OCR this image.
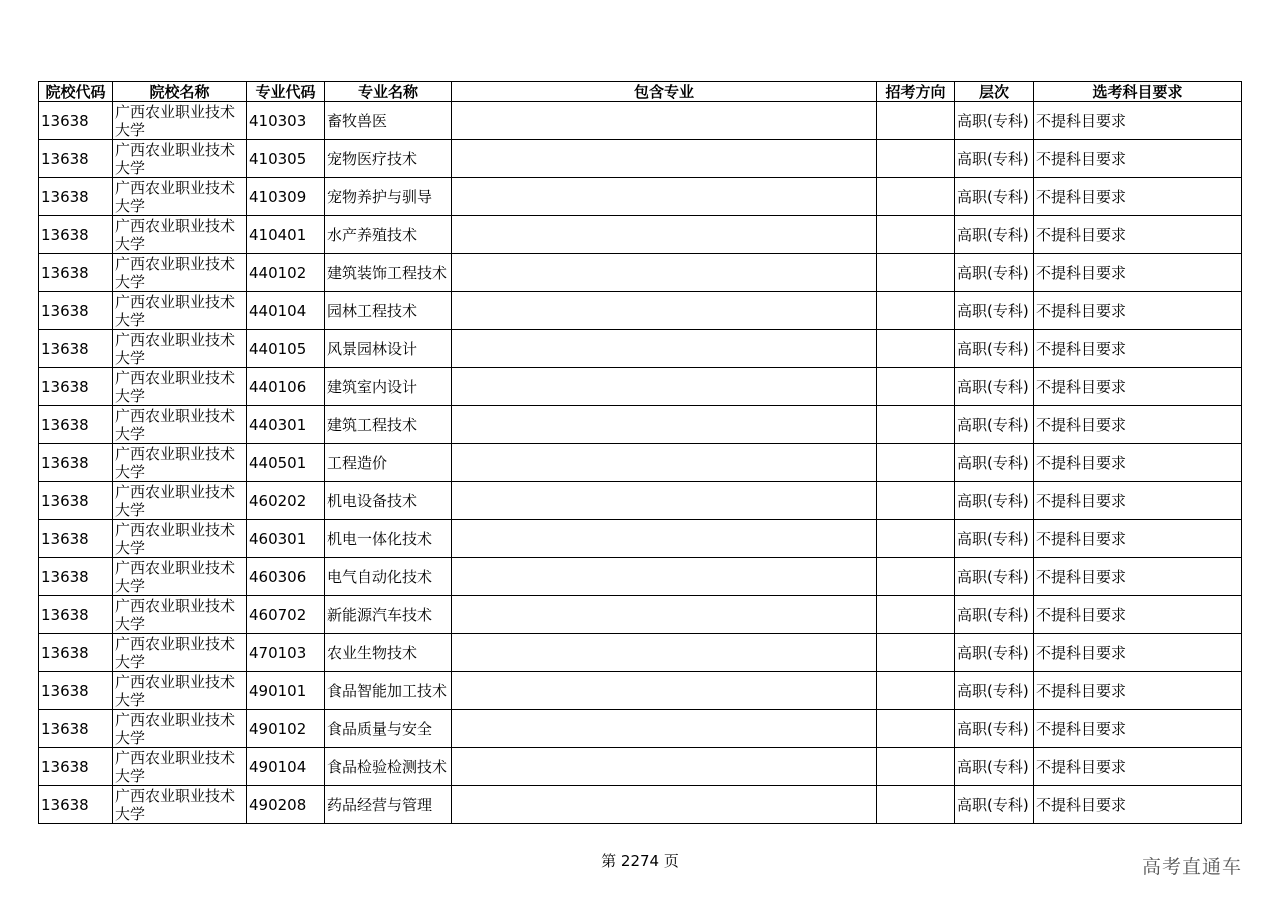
院校代码	院校名称	专业代码	专业名称	包含专业	招考方向	层次	选考科目要求
13638	广西农业职业技术大学	410303	畜牧兽医			高职(专科)	不提科目要求
13638	广西农业职业技术大学	410305	宠物医疗技术			高职(专科)	不提科目要求
13638	广西农业职业技术大学	410309	宠物养护与驯导			高职(专科)	不提科目要求
13638	广西农业职业技术大学	410401	水产养殖技术			高职(专科)	不提科目要求
13638	广西农业职业技术大学	440102	建筑装饰工程技术			高职(专科)	不提科目要求
13638	广西农业职业技术大学	440104	园林工程技术			高职(专科)	不提科目要求
13638	广西农业职业技术大学	440105	风景园林设计			高职(专科)	不提科目要求
13638	广西农业职业技术大学	440106	建筑室内设计			高职(专科)	不提科目要求
13638	广西农业职业技术大学	440301	建筑工程技术			高职(专科)	不提科目要求
13638	广西农业职业技术大学	440501	工程造价			高职(专科)	不提科目要求
13638	广西农业职业技术大学	460202	机电设备技术			高职(专科)	不提科目要求
13638	广西农业职业技术大学	460301	机电一体化技术			高职(专科)	不提科目要求
13638	广西农业职业技术大学	460306	电气自动化技术			高职(专科)	不提科目要求
13638	广西农业职业技术大学	460702	新能源汽车技术			高职(专科)	不提科目要求
13638	广西农业职业技术大学	470103	农业生物技术			高职(专科)	不提科目要求
13638	广西农业职业技术大学	490101	食品智能加工技术			高职(专科)	不提科目要求
13638	广西农业职业技术大学	490102	食品质量与安全			高职(专科)	不提科目要求
13638	广西农业职业技术大学	490104	食品检验检测技术			高职(专科)	不提科目要求
13638	广西农业职业技术大学	490208	药品经营与管理			高职(专科)	不提科目要求
第 2274 页	高考直通车
